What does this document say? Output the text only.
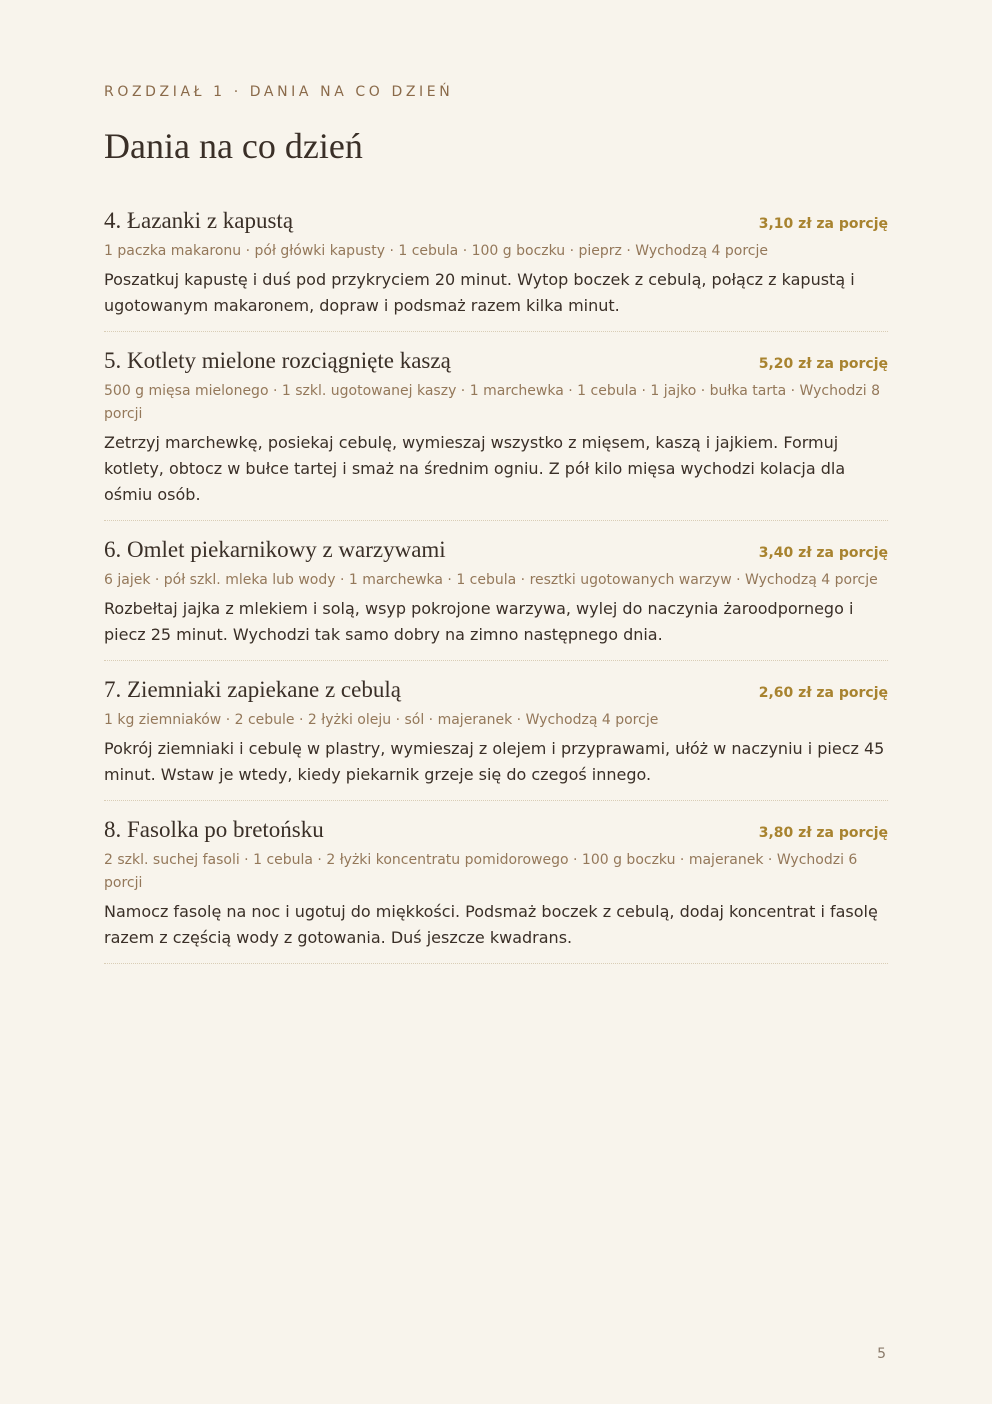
ROZDZIAŁ 1 · DANIA NA CO DZIEŃ
Dania na co dzień
4. Łazanki z kapustą	3,10 zł za porcję
1 paczka makaronu · pół główki kapusty · 1 cebula · 100 g boczku · pieprz · Wychodzą 4 porcje
Poszatkuj kapustę i duś pod przykryciem 20 minut. Wytop boczek z cebulą, połącz z kapustą i ugotowanym makaronem, dopraw i podsmaż razem kilka minut.
5. Kotlety mielone rozciągnięte kaszą	5,20 zł za porcję
500 g mięsa mielonego · 1 szkl. ugotowanej kaszy · 1 marchewka · 1 cebula · 1 jajko · bułka tarta · Wychodzi 8 porcji
Zetrzyj marchewkę, posiekaj cebulę, wymieszaj wszystko z mięsem, kaszą i jajkiem. Formuj kotlety, obtocz w bułce tartej i smaż na średnim ogniu. Z pół kilo mięsa wychodzi kolacja dla ośmiu osób.
6. Omlet piekarnikowy z warzywami	3,40 zł za porcję
6 jajek · pół szkl. mleka lub wody · 1 marchewka · 1 cebula · resztki ugotowanych warzyw · Wychodzą 4 porcje
Rozbełtaj jajka z mlekiem i solą, wsyp pokrojone warzywa, wylej do naczynia żaroodpornego i piecz 25 minut. Wychodzi tak samo dobry na zimno następnego dnia.
7. Ziemniaki zapiekane z cebulą	2,60 zł za porcję
1 kg ziemniaków · 2 cebule · 2 łyżki oleju · sól · majeranek · Wychodzą 4 porcje
Pokrój ziemniaki i cebulę w plastry, wymieszaj z olejem i przyprawami, ułóż w naczyniu i piecz 45 minut. Wstaw je wtedy, kiedy piekarnik grzeje się do czegoś innego.
8. Fasolka po bretońsku	3,80 zł za porcję
2 szkl. suchej fasoli · 1 cebula · 2 łyżki koncentratu pomidorowego · 100 g boczku · majeranek · Wychodzi 6 porcji
Namocz fasolę na noc i ugotuj do miękkości. Podsmaż boczek z cebulą, dodaj koncentrat i fasolę razem z częścią wody z gotowania. Duś jeszcze kwadrans.
5
